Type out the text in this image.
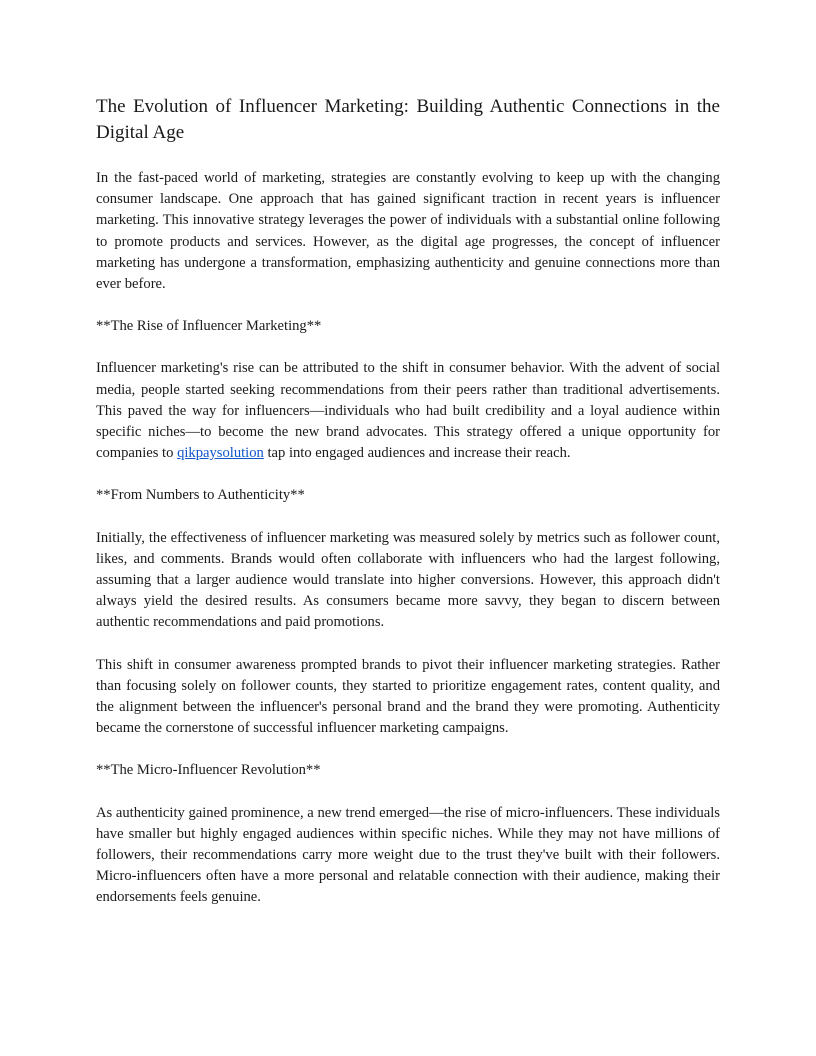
The Evolution of Influencer Marketing: Building Authentic Connections in the Digital Age

In the fast-paced world of marketing, strategies are constantly evolving to keep up with the changing consumer landscape. One approach that has gained significant traction in recent years is influencer marketing. This innovative strategy leverages the power of individuals with a substantial online following to promote products and services. However, as the digital age progresses, the concept of influencer marketing has undergone a transformation, emphasizing authenticity and genuine connections more than ever before.

**The Rise of Influencer Marketing**

Influencer marketing's rise can be attributed to the shift in consumer behavior. With the advent of social media, people started seeking recommendations from their peers rather than traditional advertisements. This paved the way for influencers—individuals who had built credibility and a loyal audience within specific niches—to become the new brand advocates. This strategy offered a unique opportunity for companies to qikpaysolution tap into engaged audiences and increase their reach.

**From Numbers to Authenticity**

Initially, the effectiveness of influencer marketing was measured solely by metrics such as follower count, likes, and comments. Brands would often collaborate with influencers who had the largest following, assuming that a larger audience would translate into higher conversions. However, this approach didn't always yield the desired results. As consumers became more savvy, they began to discern between authentic recommendations and paid promotions.

This shift in consumer awareness prompted brands to pivot their influencer marketing strategies. Rather than focusing solely on follower counts, they started to prioritize engagement rates, content quality, and the alignment between the influencer's personal brand and the brand they were promoting. Authenticity became the cornerstone of successful influencer marketing campaigns.

**The Micro-Influencer Revolution**

As authenticity gained prominence, a new trend emerged—the rise of micro-influencers. These individuals have smaller but highly engaged audiences within specific niches. While they may not have millions of followers, their recommendations carry more weight due to the trust they've built with their followers. Micro-influencers often have a more personal and relatable connection with their audience, making their endorsements feels genuine.
